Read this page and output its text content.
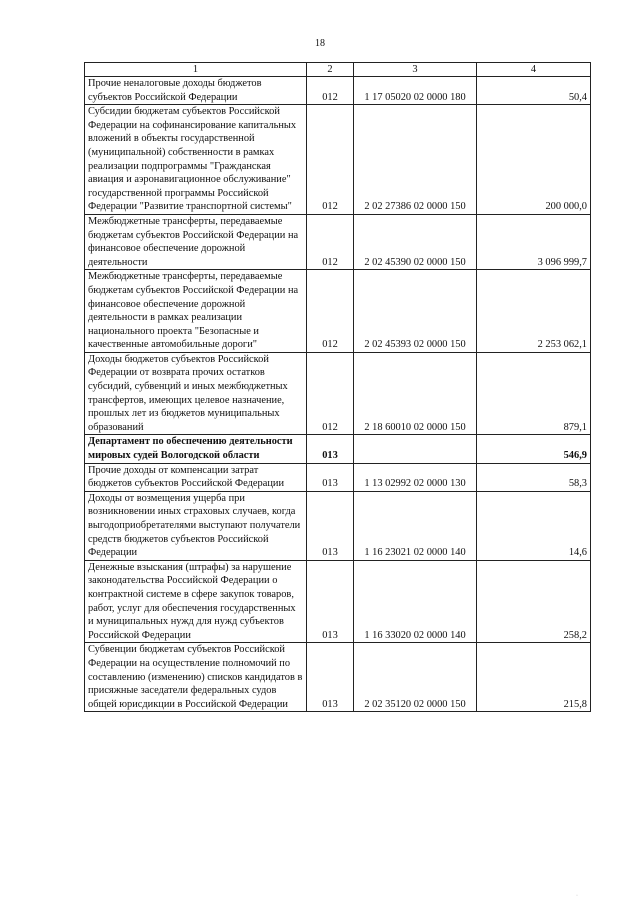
18
1	2	3	4
Прочие неналоговые доходы бюджетов субъектов Российской Федерации	012	1 17 05020 02 0000 180	50,4
Субсидии бюджетам субъектов Российской Федерации на софинансирование капитальных вложений в объекты государственной (муниципальной) собственности в рамках реализации подпрограммы "Гражданская авиация и аэронавигационное обслуживание" государственной программы Российской Федерации "Развитие транспортной системы"	012	2 02 27386 02 0000 150	200 000,0
Межбюджетные трансферты, передаваемые бюджетам субъектов Российской Федерации на финансовое обеспечение дорожной деятельности	012	2 02 45390 02 0000 150	3 096 999,7
Межбюджетные трансферты, передаваемые бюджетам субъектов Российской Федерации на финансовое обеспечение дорожной деятельности в рамках реализации национального проекта "Безопасные и качественные автомобильные дороги"	012	2 02 45393 02 0000 150	2 253 062,1
Доходы бюджетов субъектов Российской Федерации от возврата прочих остатков субсидий, субвенций и иных межбюджетных трансфертов, имеющих целевое назначение, прошлых лет из бюджетов муниципальных образований	012	2 18 60010 02 0000 150	879,1
Департамент по обеспечению деятельности мировых судей Вологодской области	013		546,9
Прочие доходы от компенсации затрат бюджетов субъектов Российской Федерации	013	1 13 02992 02 0000 130	58,3
Доходы от возмещения ущерба при возникновении иных страховых случаев, когда выгодоприобретателями выступают получатели средств бюджетов субъектов Российской Федерации	013	1 16 23021 02 0000 140	14,6
Денежные взыскания (штрафы) за нарушение законодательства Российской Федерации о контрактной системе в сфере закупок товаров, работ, услуг для обеспечения государственных и муниципальных нужд для нужд субъектов Российской Федерации	013	1 16 33020 02 0000 140	258,2
Субвенции бюджетам субъектов Российской Федерации на осуществление полномочий по составлению (изменению) списков кандидатов в присяжные заседатели федеральных судов общей юрисдикции в Российской Федерации	013	2 02 35120 02 0000 150	215,8
·
